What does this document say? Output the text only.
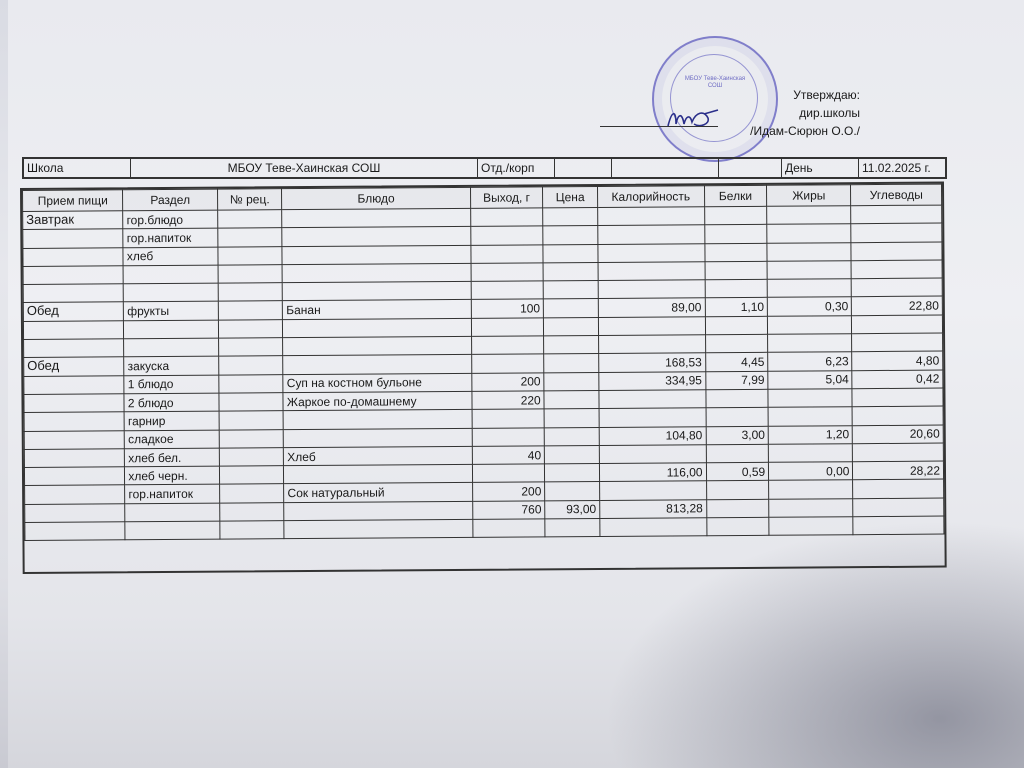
МБОУ Теве-Хаинская СОШ
Утверждаю:
дир.школы
/Идам-Сюрюн О.О./
Школа	МБОУ Теве-Хаинская СОШ	Отд./корп				День	11.02.2025 г.
Прием пищи	Раздел	№ рец.	Блюдо	Выход, г	Цена	Калорийность	Белки	Жиры	Углеводы
Завтрак	гор.блюдо								
	гор.напиток								
	хлеб								

Обед	фрукты		Банан	100		89,00	1,10	0,30	22,80

Обед	закуска					168,53	4,45	6,23	4,80
	1 блюдо		Суп на костном бульоне	200		334,95	7,99	5,04	0,42
	2 блюдо		Жаркое по-домашнему	220					
	гарнир								
	сладкое					104,80	3,00	1,20	20,60
	хлеб бел.		Хлеб	40					
	хлеб черн.					116,00	0,59	0,00	28,22
	гор.напиток		Сок натуральный	200					
				760	93,00	813,28			
